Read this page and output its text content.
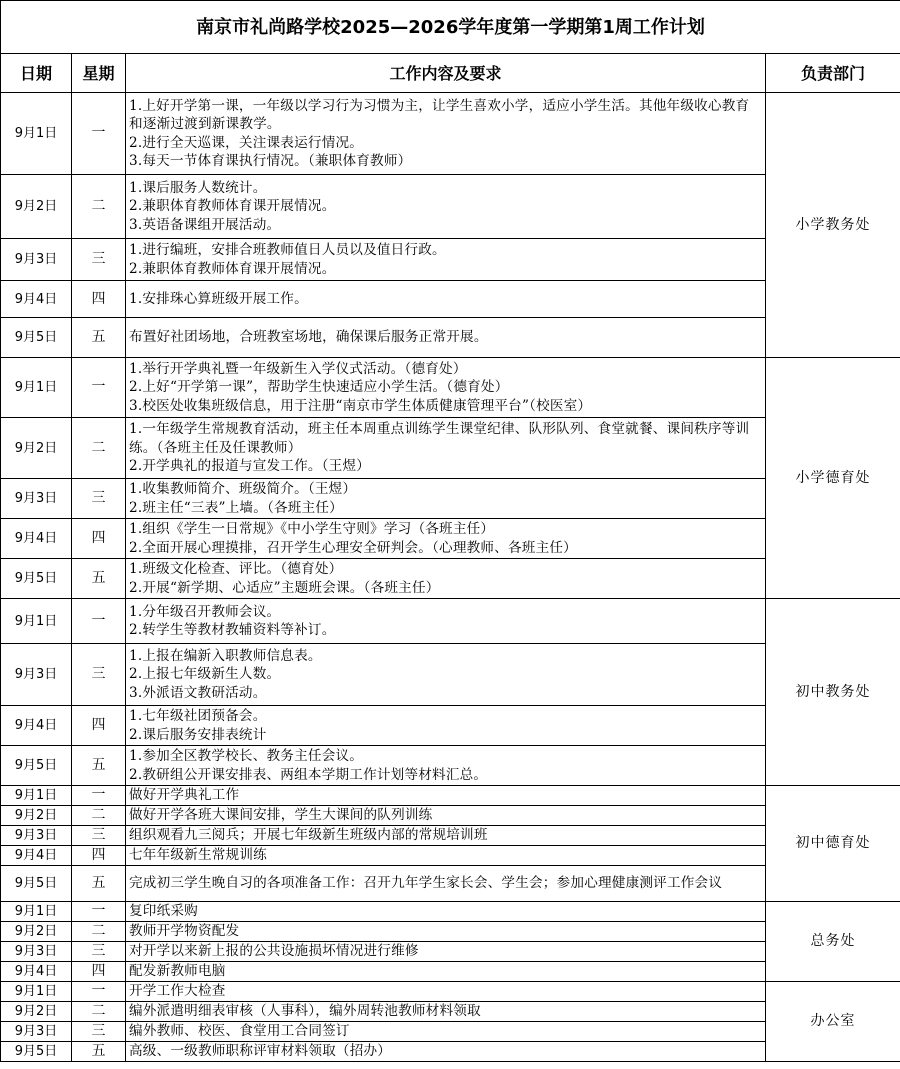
南京市礼尚路学校2025—2026学年度第一学期第1周工作计划			
日期	星期	工作内容及要求	负责部门
9月1日	一	1.上好开学第一课，一年级以学习行为习惯为主，让学生喜欢小学，适应小学生活。其他年级收心教育和逐渐过渡到新课教学。
2.进行全天巡课，关注课表运行情况。
3.每天一节体育课执行情况。（兼职体育教师）	小学教务处
9月2日	二	1.课后服务人数统计。
2.兼职体育教师体育课开展情况。
3.英语备课组开展活动。	

9月3日	三	1.进行编班，安排合班教师值日人员以及值日行政。
2.兼职体育教师体育课开展情况。	

9月4日	四	1.安排珠心算班级开展工作。	

9月5日	五	布置好社团场地，合班教室场地，确保课后服务正常开展。	

9月1日	一	1.举行开学典礼暨一年级新生入学仪式活动。（德育处）
2.上好“开学第一课”，帮助学生快速适应小学生活。（德育处）
3.校医处收集班级信息，用于注册“南京市学生体质健康管理平台”（校医室）	小学德育处
9月2日	二	1.一年级学生常规教育活动，班主任本周重点训练学生课堂纪律、队形队列、食堂就餐、课间秩序等训练。（各班主任及任课教师）
2.开学典礼的报道与宣发工作。（王煜）	

9月3日	三	1.收集教师简介、班级简介。（王煜）
2.班主任“三表”上墙。（各班主任）	

9月4日	四	1.组织《学生一日常规》《中小学生守则》学习（各班主任）
2.全面开展心理摸排，召开学生心理安全研判会。（心理教师、各班主任）	

9月5日	五	1.班级文化检查、评比。（德育处）
2.开展“新学期、心适应”主题班会课。（各班主任）	

9月1日	一	1.分年级召开教师会议。
2.转学生等教材教辅资料等补订。	初中教务处
9月3日	三	1.上报在编新入职教师信息表。
2.上报七年级新生人数。
3.外派语文教研活动。	

9月4日	四	1.七年级社团预备会。
2.课后服务安排表统计	

9月5日	五	1.参加全区教学校长、教务主任会议。
2.教研组公开课安排表、两组本学期工作计划等材料汇总。	

9月1日	一	做好开学典礼工作	初中德育处
9月2日	二	做好开学各班大课间安排，学生大课间的队列训练	

9月3日	三	组织观看九三阅兵；开展七年级新生班级内部的常规培训班	

9月4日	四	七年年级新生常规训练	

9月5日	五	完成初三学生晚自习的各项准备工作：召开九年学生家长会、学生会；参加心理健康测评工作会议	

9月1日	一	复印纸采购	总务处
9月2日	二	教师开学物资配发	

9月3日	三	对开学以来新上报的公共设施损坏情况进行维修	

9月4日	四	配发新教师电脑	

9月1日	一	开学工作大检查	办公室
9月2日	二	编外派遣明细表审核（人事科），编外周转池教师材料领取	

9月3日	三	编外教师、校医、食堂用工合同签订	

9月5日	五	高级、一级教师职称评审材料领取（招办）	
